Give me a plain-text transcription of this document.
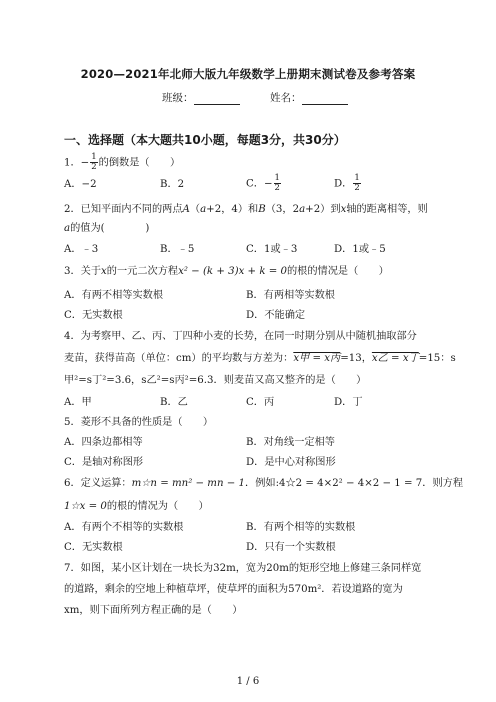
2020—2021年北师大版九年级数学上册期末测试卷及参考答案
班级：	姓名：
一、选择题（本大题共10小题，每题3分，共30分）
1．− $\frac{1}{2}$ 的倒数是（　　）
A．−2	B．2	C．− $\frac{1}{2}$	D． $\frac{1}{2}$
2．已知平面内不同的两点A（a+2，4）和B（3，2a+2）到x轴的距离相等，则
a的值为(　　　　)
A．﹣3	B．﹣5	C．1或﹣3	D．1或﹣5
3．关于x的一元二次方程x² − (k + 3)x + k = 0的根的情况是（　　）
A．有两不相等实数根	B．有两相等实数根
C．无实数根	D．不能确定
4．为考察甲、乙、丙、丁四种小麦的长势，在同一时期分别从中随机抽取部分
麦苗，获得苗高（单位：cm）的平均数与方差为：x甲 = x丙=13，x乙 = x丁=15：s
甲²=s丁²=3.6，s乙²=s丙²=6.3．则麦苗又高又整齐的是（　　）
A．甲	B．乙	C．丙	D．丁
5．菱形不具备的性质是（　　）
A．四条边都相等	B．对角线一定相等
C．是轴对称图形	D．是中心对称图形
6．定义运算：m☆n = mn² − mn − 1．例如:4☆2 = 4×2² − 4×2 − 1 = 7．则方程
1☆x = 0的根的情况为（　　）
A．有两个不相等的实数根	B．有两个相等的实数根
C．无实数根	D．只有一个实数根
7．如图，某小区计划在一块长为32m，宽为20m的矩形空地上修建三条同样宽
的道路，剩余的空地上种植草坪，使草坪的面积为570m²．若设道路的宽为
xm，则下面所列方程正确的是（　　）
1 / 6
